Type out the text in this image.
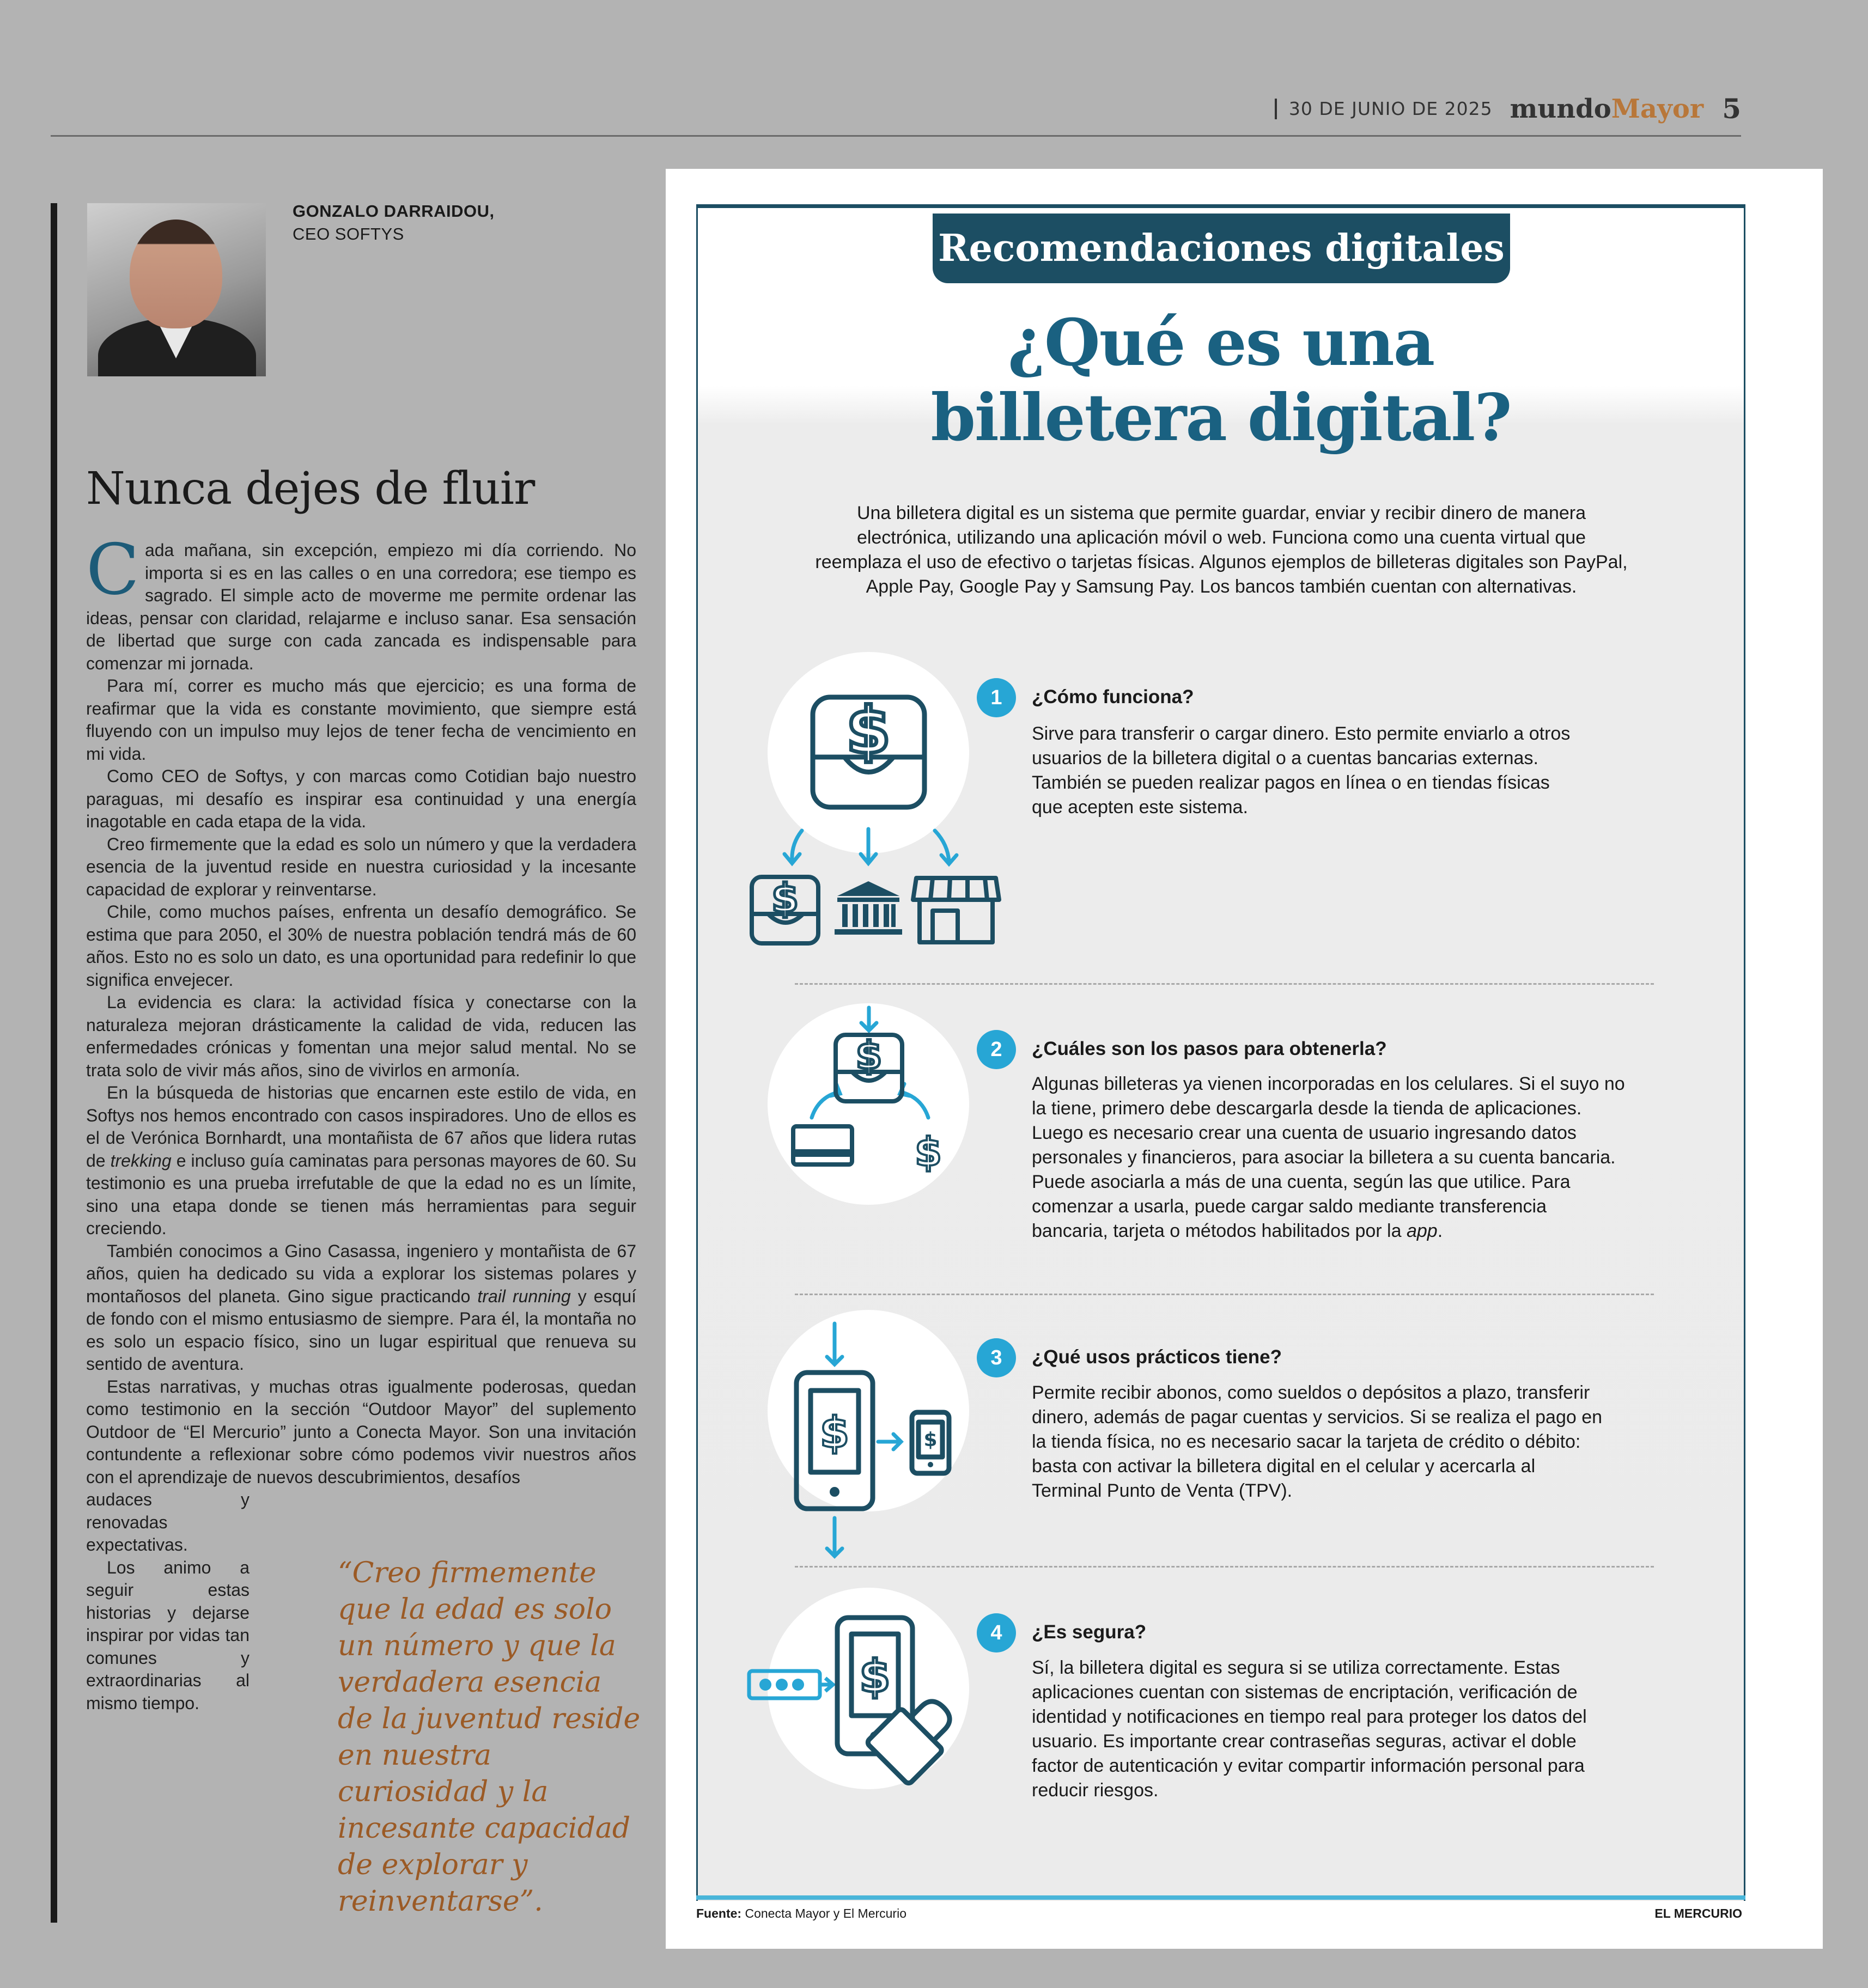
30 DE JUNIO DE 2025 mundoMayor 5
GONZALO DARRAIDOU,
CEO SOFTYS
Nunca dejes de fluir

Cada mañana, sin excepción, empiezo mi día corriendo. No importa si es en las calles o en una corredora; ese tiempo es sagrado. El simple acto de moverme me permite ordenar las ideas, pensar con claridad, relajarme e incluso sanar. Esa sensación de libertad que surge con cada zancada es indispensable para comenzar mi jornada.

Para mí, correr es mucho más que ejercicio; es una forma de reafirmar que la vida es constante movimiento, que siempre está fluyendo con un impulso muy lejos de tener fecha de vencimiento en mi vida.

Como CEO de Softys, y con marcas como Cotidian bajo nuestro paraguas, mi desafío es inspirar esa continuidad y una energía inagotable en cada etapa de la vida.

Creo firmemente que la edad es solo un número y que la verdadera esencia de la juventud reside en nuestra curiosidad y la incesante capacidad de explorar y reinventarse.

Chile, como muchos países, enfrenta un desafío demográfico. Se estima que para 2050, el 30% de nuestra población tendrá más de 60 años. Esto no es solo un dato, es una oportunidad para redefinir lo que significa envejecer.

La evidencia es clara: la actividad física y conectarse con la naturaleza mejoran drásticamente la calidad de vida, reducen las enfermedades crónicas y fomentan una mejor salud mental. No se trata solo de vivir más años, sino de vivirlos en armonía.

En la búsqueda de historias que encarnen este estilo de vida, en Softys nos hemos encontrado con casos inspiradores. Uno de ellos es el de Verónica Bornhardt, una montañista de 67 años que lidera rutas de trekking e incluso guía caminatas para personas mayores de 60. Su testimonio es una prueba irrefutable de que la edad no es un límite, sino una etapa donde se tienen más herramientas para seguir creciendo.

También conocimos a Gino Casassa, ingeniero y montañista de 67 años, quien ha dedicado su vida a explorar los sistemas polares y montañosos del planeta. Gino sigue practicando trail running y esquí de fondo con el mismo entusiasmo de siempre. Para él, la montaña no es solo un espacio físico, sino un lugar espiritual que renueva su sentido de aventura.

Estas narrativas, y muchas otras igualmente poderosas, quedan como testimonio en la sección “Outdoor Mayor” del suplemento Outdoor de “El Mercurio” junto a Conecta Mayor. Son una invitación contundente a reflexionar sobre cómo podemos vivir nuestros años con el aprendizaje de nuevos descubrimientos, desafíos

audaces y renovadas expectativas.

Los animo a seguir estas historias y dejarse inspirar por vidas tan comunes y extraordinarias al mismo tiempo.

“Creo firmemente que la edad es solo un número y que la verdadera esencia de la juventud reside en nuestra curiosidad y la incesante capacidad de explorar y reinventarse”.

Recomendaciones digitales
¿Qué es una
billetera digital?
Una billetera digital es un sistema que permite guardar, enviar y recibir dinero de manera electrónica, utilizando una aplicación móvil o web. Funciona como una cuenta virtual que reemplaza el uso de efectivo o tarjetas físicas. Algunos ejemplos de billeteras digitales son PayPal, Apple Pay, Google Pay y Samsung Pay. Los bancos también cuentan con alternativas.
$
$
1	¿Cómo funciona?

Sirve para transferir o cargar dinero. Esto permite enviarlo a otros usuarios de la billetera digital o a cuentas bancarias externas. También se pueden realizar pagos en línea o en tiendas físicas que acepten este sistema.

$
$
2	¿Cuáles son los pasos para obtenerla?

Algunas billeteras ya vienen incorporadas en los celulares. Si el suyo no la tiene, primero debe descargarla desde la tienda de aplicaciones. Luego es necesario crear una cuenta de usuario ingresando datos personales y financieros, para asociar la billetera a su cuenta bancaria. Puede asociarla a más de una cuenta, según las que utilice. Para comenzar a usarla, puede cargar saldo mediante transferencia bancaria, tarjeta o métodos habilitados por la app.

$	$
3	¿Qué usos prácticos tiene?

Permite recibir abonos, como sueldos o depósitos a plazo, transferir dinero, además de pagar cuentas y servicios. Si se realiza el pago en la tienda física, no es necesario sacar la tarjeta de crédito o débito: basta con activar la billetera digital en el celular y acercarla al Terminal Punto de Venta (TPV).

$
4	¿Es segura?

Sí, la billetera digital es segura si se utiliza correctamente. Estas aplicaciones cuentan con sistemas de encriptación, verificación de identidad y notificaciones en tiempo real para proteger los datos del usuario. Es importante crear contraseñas seguras, activar el doble factor de autenticación y evitar compartir información personal para reducir riesgos.

Fuente: Conecta Mayor y El Mercurio	EL MERCURIO
